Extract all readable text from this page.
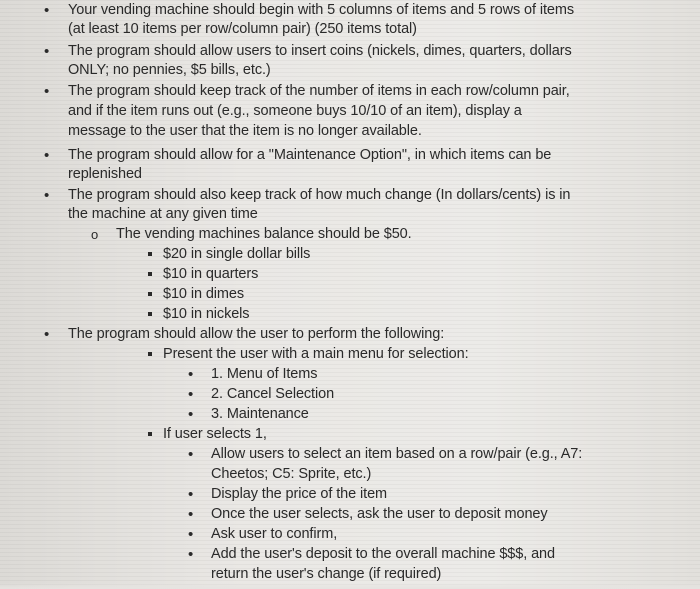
• Your vending machine should begin with 5 columns of items and 5 rows of items
(at least 10 items per row/column pair) (250 items total)
• The program should allow users to insert coins (nickels, dimes, quarters, dollars
ONLY; no pennies, $5 bills, etc.)
• The program should keep track of the number of items in each row/column pair,
and if the item runs out (e.g., someone buys 10/10 of an item), display a
message to the user that the item is no longer available.
• The program should allow for a "Maintenance Option", in which items can be
replenished
• The program should also keep track of how much change (In dollars/cents) is in
the machine at any given time
o The vending machines balance should be $50.
$20 in single dollar bills
$10 in quarters
$10 in dimes
$10 in nickels
• The program should allow the user to perform the following:
Present the user with a main menu for selection:
• 1. Menu of Items
• 2. Cancel Selection
• 3. Maintenance
If user selects 1,
• Allow users to select an item based on a row/pair (e.g., A7:
Cheetos; C5: Sprite, etc.)
• Display the price of the item
• Once the user selects, ask the user to deposit money
• Ask user to confirm,
• Add the user's deposit to the overall machine $$$, and
return the user's change (if required)
